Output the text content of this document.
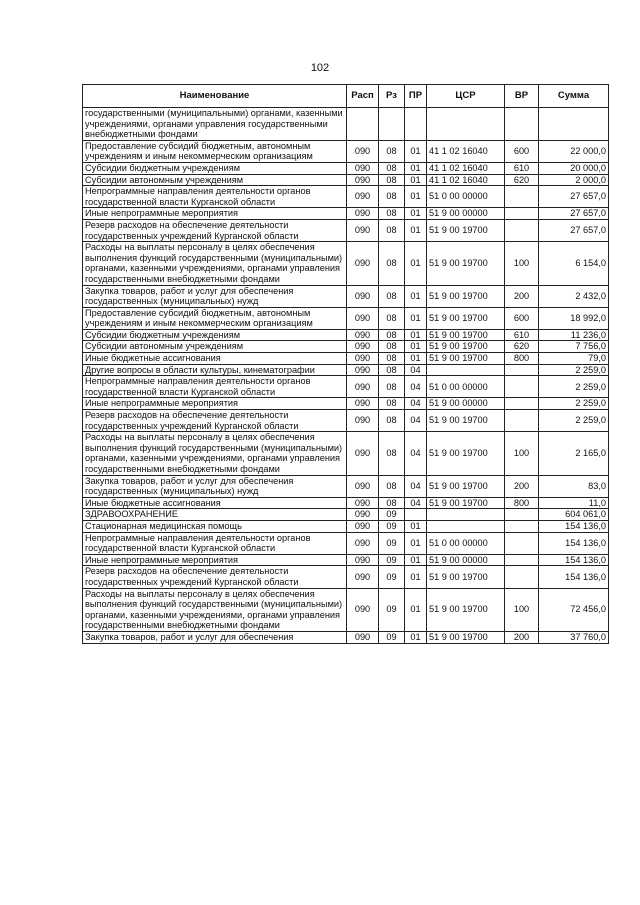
102
Наименование	Расп	Рз	ПР	ЦСР	ВР	Сумма
государственными (муниципальными) органами, казенными учреждениями, органами управления государственными внебюджетными фондами						
Предоставление субсидий бюджетным, автономным учреждениям и иным некоммерческим организациям	090	08	01	41 1 02 16040	600	22 000,0
Субсидии бюджетным учреждениям	090	08	01	41 1 02 16040	610	20 000,0
Субсидии автономным учреждениям	090	08	01	41 1 02 16040	620	2 000,0
Непрограммные направления деятельности органов государственной власти Курганской области	090	08	01	51 0 00 00000		27 657,0
Иные непрограммные мероприятия	090	08	01	51 9 00 00000		27 657,0
Резерв расходов на обеспечение деятельности государственных учреждений Курганской области	090	08	01	51 9 00 19700		27 657,0
Расходы на выплаты персоналу в целях обеспечения выполнения функций государственными (муниципальными) органами, казенными учреждениями, органами управления государственными внебюджетными фондами	090	08	01	51 9 00 19700	100	6 154,0
Закупка товаров, работ и услуг для обеспечения государственных (муниципальных) нужд	090	08	01	51 9 00 19700	200	2 432,0
Предоставление субсидий бюджетным, автономным учреждениям и иным некоммерческим организациям	090	08	01	51 9 00 19700	600	18 992,0
Субсидии бюджетным учреждениям	090	08	01	51 9 00 19700	610	11 236,0
Субсидии автономным учреждениям	090	08	01	51 9 00 19700	620	7 756,0
Иные бюджетные ассигнования	090	08	01	51 9 00 19700	800	79,0
Другие вопросы в области культуры, кинематографии	090	08	04			2 259,0
Непрограммные направления деятельности органов государственной власти Курганской области	090	08	04	51 0 00 00000		2 259,0
Иные непрограммные мероприятия	090	08	04	51 9 00 00000		2 259,0
Резерв расходов на обеспечение деятельности государственных учреждений Курганской области	090	08	04	51 9 00 19700		2 259,0
Расходы на выплаты персоналу в целях обеспечения выполнения функций государственными (муниципальными) органами, казенными учреждениями, органами управления государственными внебюджетными фондами	090	08	04	51 9 00 19700	100	2 165,0
Закупка товаров, работ и услуг для обеспечения государственных (муниципальных) нужд	090	08	04	51 9 00 19700	200	83,0
Иные бюджетные ассигнования	090	08	04	51 9 00 19700	800	11,0
ЗДРАВООХРАНЕНИЕ	090	09				604 061,0
Стационарная медицинская помощь	090	09	01			154 136,0
Непрограммные направления деятельности органов государственной власти Курганской области	090	09	01	51 0 00 00000		154 136,0
Иные непрограммные мероприятия	090	09	01	51 9 00 00000		154 136,0
Резерв расходов на обеспечение деятельности государственных учреждений Курганской области	090	09	01	51 9 00 19700		154 136,0
Расходы на выплаты персоналу в целях обеспечения выполнения функций государственными (муниципальными) органами, казенными учреждениями, органами управления государственными внебюджетными фондами	090	09	01	51 9 00 19700	100	72 456,0
Закупка товаров, работ и услуг для обеспечения	090	09	01	51 9 00 19700	200	37 760,0
